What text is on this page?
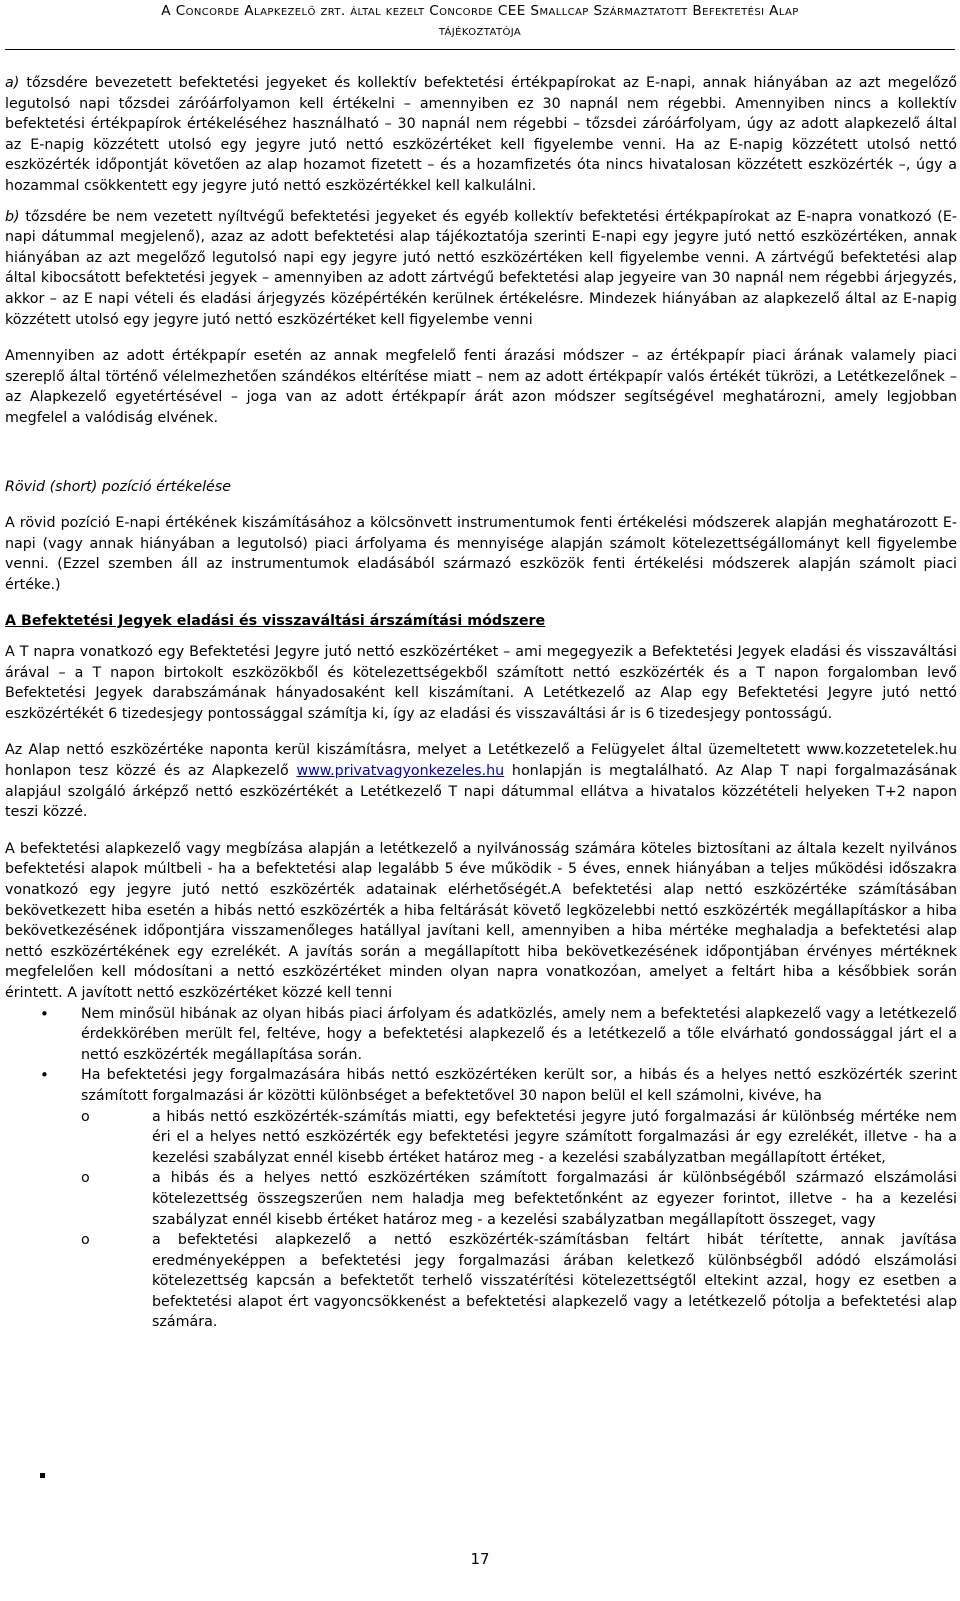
A Concorde Alapkezelő zrt. által kezelt Concorde CEE Smallcap Származtatott Befektetési Alap
tájékoztatója

a) tőzsdére bevezetett befektetési jegyeket és kollektív befektetési értékpapírokat az E-napi, annak hiányában az azt megelőző legutolsó napi tőzsdei záróárfolyamon kell értékelni – amennyiben ez 30 napnál nem régebbi. Amennyiben nincs a kollektív befektetési értékpapírok értékeléséhez használható – 30 napnál nem régebbi – tőzsdei záróárfolyam, úgy az adott alapkezelő által az E-napig közzétett utolsó egy jegyre jutó nettó eszközértéket kell figyelembe venni. Ha az E-napig közzétett utolsó nettó eszközérték időpontját követően az alap hozamot fizetett – és a hozamfizetés óta nincs hivatalosan közzétett eszközérték –, úgy a hozammal csökkentett egy jegyre jutó nettó eszközértékkel kell kalkulálni.

b) tőzsdére be nem vezetett nyíltvégű befektetési jegyeket és egyéb kollektív befektetési értékpapírokat az E-napra vonatkozó (E-napi dátummal megjelenő), azaz az adott befektetési alap tájékoztatója szerinti E-napi egy jegyre jutó nettó eszközértéken, annak hiányában az azt megelőző legutolsó napi egy jegyre jutó nettó eszközértéken kell figyelembe venni. A zártvégű befektetési alap által kibocsátott befektetési jegyek – amennyiben az adott zártvégű befektetési alap jegyeire van 30 napnál nem régebbi árjegyzés, akkor – az E napi vételi és eladási árjegyzés középértékén kerülnek értékelésre. Mindezek hiányában az alapkezelő által az E-napig közzétett utolsó egy jegyre jutó nettó eszközértéket kell figyelembe venni

Amennyiben az adott értékpapír esetén az annak megfelelő fenti árazási módszer – az értékpapír piaci árának valamely piaci szereplő által történő vélelmezhetően szándékos eltérítése miatt – nem az adott értékpapír valós értékét tükrözi, a Letétkezelőnek – az Alapkezelő egyetértésével – joga van az adott értékpapír árát azon módszer segítségével meghatározni, amely legjobban megfelel a valódiság elvének.

Rövid (short) pozíció értékelése

A rövid pozíció E-napi értékének kiszámításához a kölcsönvett instrumentumok fenti értékelési módszerek alapján meghatározott E-napi (vagy annak hiányában a legutolsó) piaci árfolyama és mennyisége alapján számolt kötelezettségállományt kell figyelembe venni. (Ezzel szemben áll az instrumentumok eladásából származó eszközök fenti értékelési módszerek alapján számolt piaci értéke.)

A Befektetési Jegyek eladási és visszaváltási árszámítási módszere

A T napra vonatkozó egy Befektetési Jegyre jutó nettó eszközértéket – ami megegyezik a Befektetési Jegyek eladási és visszaváltási árával – a T napon birtokolt eszközökből és kötelezettségekből számított nettó eszközérték és a T napon forgalomban levő Befektetési Jegyek darabszámának hányadosaként kell kiszámítani. A Letétkezelő az Alap egy Befektetési Jegyre jutó nettó eszközértékét 6 tizedesjegy pontossággal számítja ki, így az eladási és visszaváltási ár is 6 tizedesjegy pontosságú.

Az Alap nettó eszközértéke naponta kerül kiszámításra, melyet a Letétkezelő a Felügyelet által üzemeltetett www.kozzetetelek.hu honlapon tesz közzé és az Alapkezelő www.privatvagyonkezeles.hu honlapján is megtalálható. Az Alap T napi forgalmazásának alapjául szolgáló árképző nettó eszközértékét a Letétkezelő T napi dátummal ellátva a hivatalos közzétételi helyeken T+2 napon teszi közzé.

A befektetési alapkezelő vagy megbízása alapján a letétkezelő a nyilvánosság számára köteles biztosítani az általa kezelt nyilvános befektetési alapok múltbeli - ha a befektetési alap legalább 5 éve működik - 5 éves, ennek hiányában a teljes működési időszakra vonatkozó egy jegyre jutó nettó eszközérték adatainak elérhetőségét.A befektetési alap nettó eszközértéke számításában bekövetkezett hiba esetén a hibás nettó eszközérték a hiba feltárását követő legközelebbi nettó eszközérték megállapításkor a hiba bekövetkezésének időpontjára visszamenőleges hatállyal javítani kell, amennyiben a hiba mértéke meghaladja a befektetési alap nettó eszközértékének egy ezrelékét. A javítás során a megállapított hiba bekövetkezésének időpontjában érvényes mértéknek megfelelően kell módosítani a nettó eszközértéket minden olyan napra vonatkozóan, amelyet a feltárt hiba a későbbiek során érintett. A javított nettó eszközértéket közzé kell tenni

• Nem minősül hibának az olyan hibás piaci árfolyam és adatközlés, amely nem a befektetési alapkezelő vagy a letétkezelő érdekkörében merült fel, feltéve, hogy a befektetési alapkezelő és a letétkezelő a tőle elvárható gondossággal járt el a nettó eszközérték megállapítása során.
• Ha befektetési jegy forgalmazására hibás nettó eszközértéken került sor, a hibás és a helyes nettó eszközérték szerint számított forgalmazási ár közötti különbséget a befektetővel 30 napon belül el kell számolni, kivéve, ha
o a hibás nettó eszközérték-számítás miatti, egy befektetési jegyre jutó forgalmazási ár különbség mértéke nem éri el a helyes nettó eszközérték egy befektetési jegyre számított forgalmazási ár egy ezrelékét, illetve - ha a kezelési szabályzat ennél kisebb értéket határoz meg - a kezelési szabályzatban megállapított értéket,
o a hibás és a helyes nettó eszközértéken számított forgalmazási ár különbségéből származó elszámolási kötelezettség összegszerűen nem haladja meg befektetőnként az egyezer forintot, illetve - ha a kezelési szabályzat ennél kisebb értéket határoz meg - a kezelési szabályzatban megállapított összeget, vagy
o a befektetési alapkezelő a nettó eszközérték-számításban feltárt hibát térítette, annak javítása eredményeképpen a befektetési jegy forgalmazási árában keletkező különbségből adódó elszámolási kötelezettség kapcsán a befektetőt terhelő visszatérítési kötelezettségtől eltekint azzal, hogy ez esetben a befektetési alapot ért vagyoncsökkenést a befektetési alapkezelő vagy a letétkezelő pótolja a befektetési alap számára.
17
